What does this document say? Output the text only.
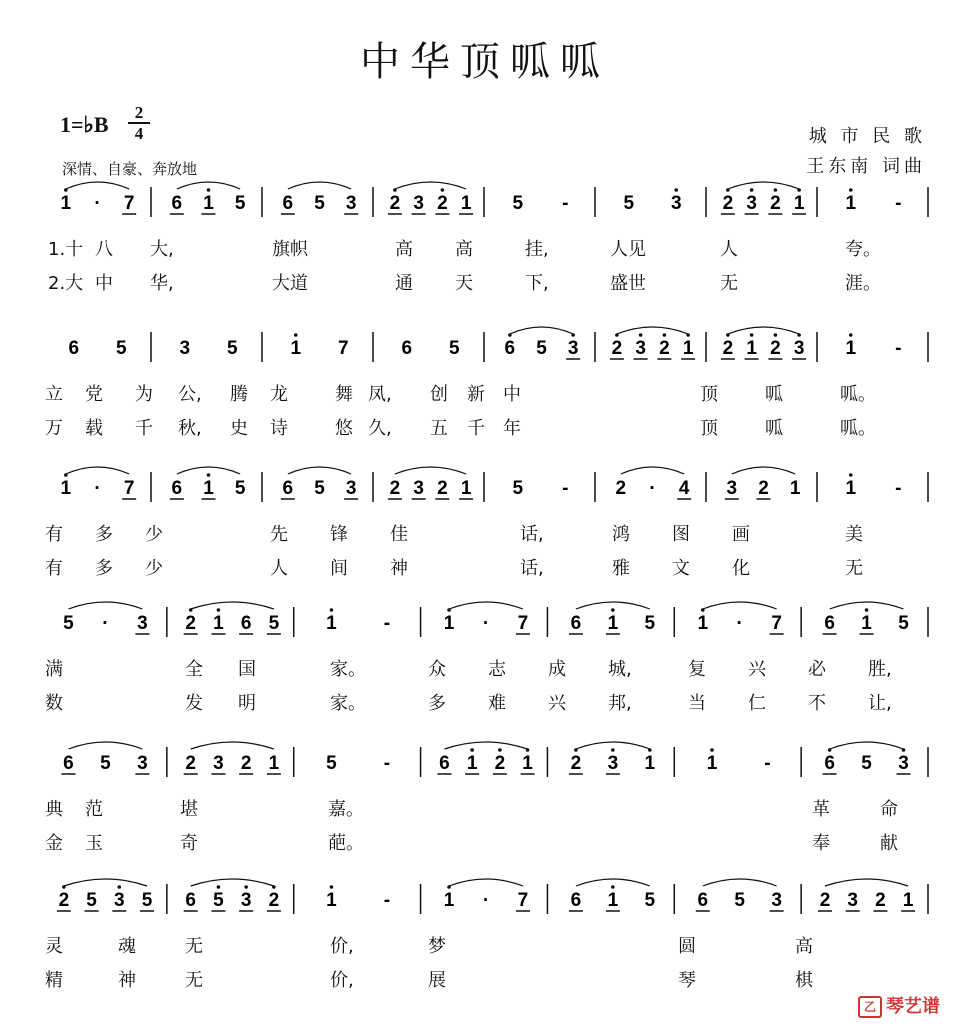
中华顶呱呱
1=♭B	2
4
深情、自豪、奔放地
城 市 民 歌
王东南 词曲
1 · 7 6 1 5 6 5 3 2 3 2 1 5 -	5 3 2 3 2 1 1 -
1.十 八 大,	旗帜	高 高	挂,	人见	人	夸。
2.大 中 华,	大道	通 天	下,	盛世	无	涯。
6 5	3 5	1 7	6 5 6 5 3 2 3 2 1 2 1 2 3 1 -
立 党 为 公, 腾 龙	舞 凤, 创 新 中	顶	呱	呱。
万 载 千 秋, 史 诗	悠 久, 五 千 年	顶	呱	呱。
1 · 7 6 1 5 6 5 3 2 3 2 1 5 - 2 · 4 3 2 1 1 -
有 多 少	先 锋 佳	话,	鸿 图 画	美
有 多 少	人 间 神	话,	雅 文 化	无
5 · 3 2 1 6 5 1 -	1 · 7 6 1 5 1 · 7 6 1 5
满	全 国	家。	众 志 成 城,	复 兴 必 胜,
数	发 明	家。	多 难 兴 邦,	当 仁 不 让,
6 5 3 2 3 2 1 5 -	6 1 2 1 2 3 1	1 -	6 5 3
典 范	堪	嘉。	革	命
金 玉	奇	葩。	奉	献
2 5 3 5 6 5 3 2 1 -	1 · 7 6 1 5 6 5 3 2 3 2 1
灵	魂	无	价,	梦	圆	高
精	神	无	价,	展	琴	棋
乙 琴艺谱
